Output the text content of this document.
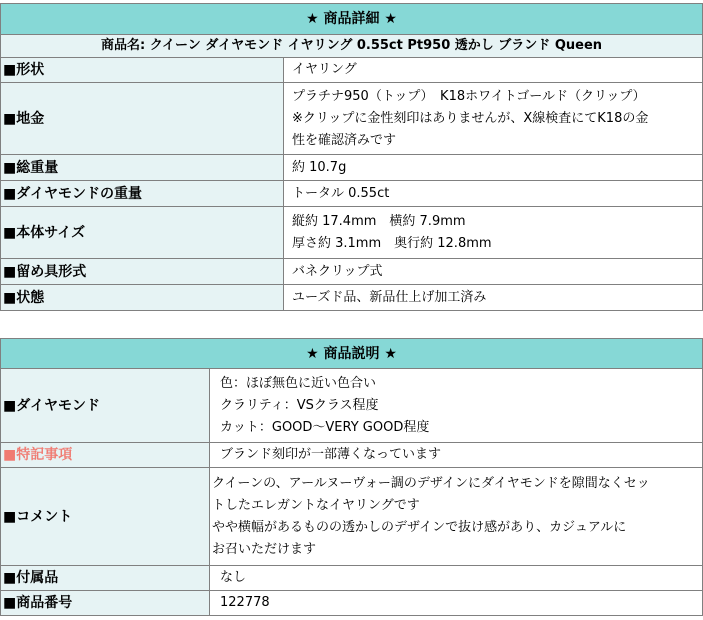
★ 商品詳細 ★	
商品名: クイーン ダイヤモンド イヤリング 0.55ct Pt950 透かし ブランド Queen	
■形状	イヤリング

■地金	プラチナ950（トップ）　K18ホワイトゴールド（クリップ）
※クリップに金性刻印はありませんが、X線検査にてK18の金
性を確認済みです

■総重量	約 10.7g

■ダイヤモンドの重量	トータル 0.55ct

■本体サイズ	縦約 17.4mm　横約 7.9mm
厚さ約 3.1mm　奥行約 12.8mm

■留め具形式	バネクリップ式

■状態	ユーズド品、新品仕上げ加工済み
★ 商品説明 ★	
■ダイヤモンド	色：ほぼ無色に近い色合い
クラリティ：VSクラス程度
カット：GOOD〜VERY GOOD程度

■特記事項	ブランド刻印が一部薄くなっています

■コメント	クイーンの、アールヌーヴォー調のデザインにダイヤモンドを隙間なくセッ
トしたエレガントなイヤリングです
やや横幅があるものの透かしのデザインで抜け感があり、カジュアルに
お召いただけます

■付属品	なし

■商品番号	122778
